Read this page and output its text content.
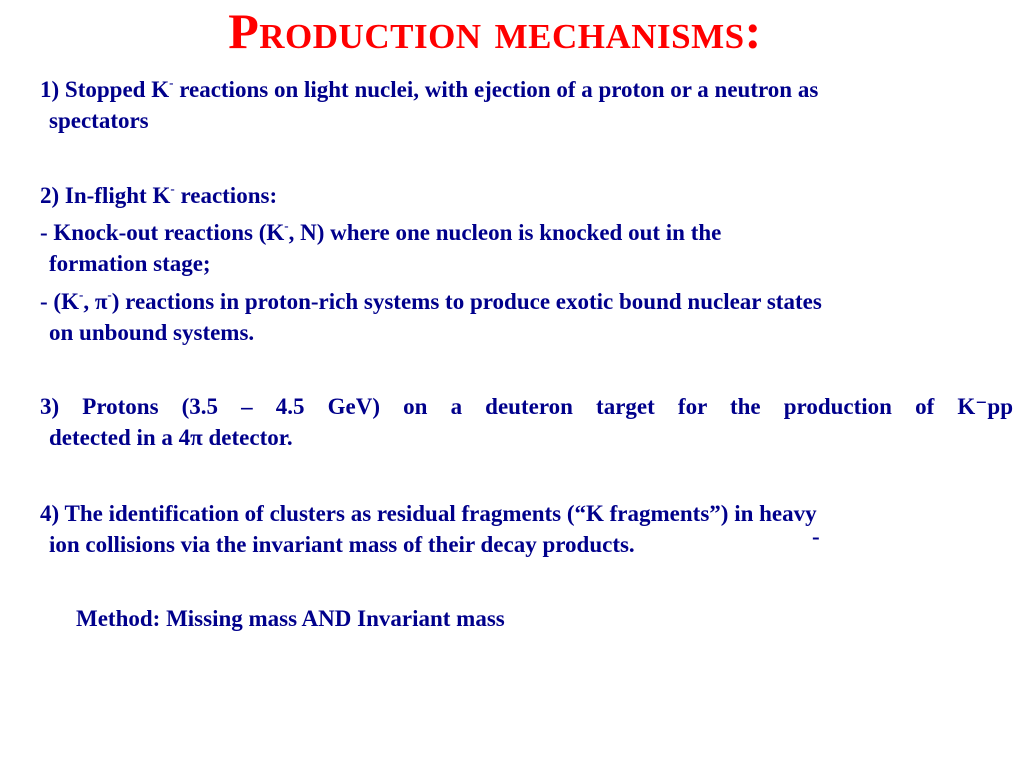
Production mechanisms:
1) Stopped K- reactions on light nuclei, with ejection of a proton or a neutron as
spectators
2) In-flight K- reactions:
- Knock-out reactions (K-, N) where one nucleon is knocked out in the
formation stage;
- (K-, π-) reactions in proton-rich systems to produce exotic bound nuclear states
on unbound systems.
3) Protons (3.5 – 4.5 GeV) on a deuteron target for the production of K⁻pp
detected in a 4π detector.
4) The identification of clusters as residual fragments (“K fragments”) in heavy
ion collisions via the invariant mass of their decay products.	-
Method: Missing mass AND Invariant mass
